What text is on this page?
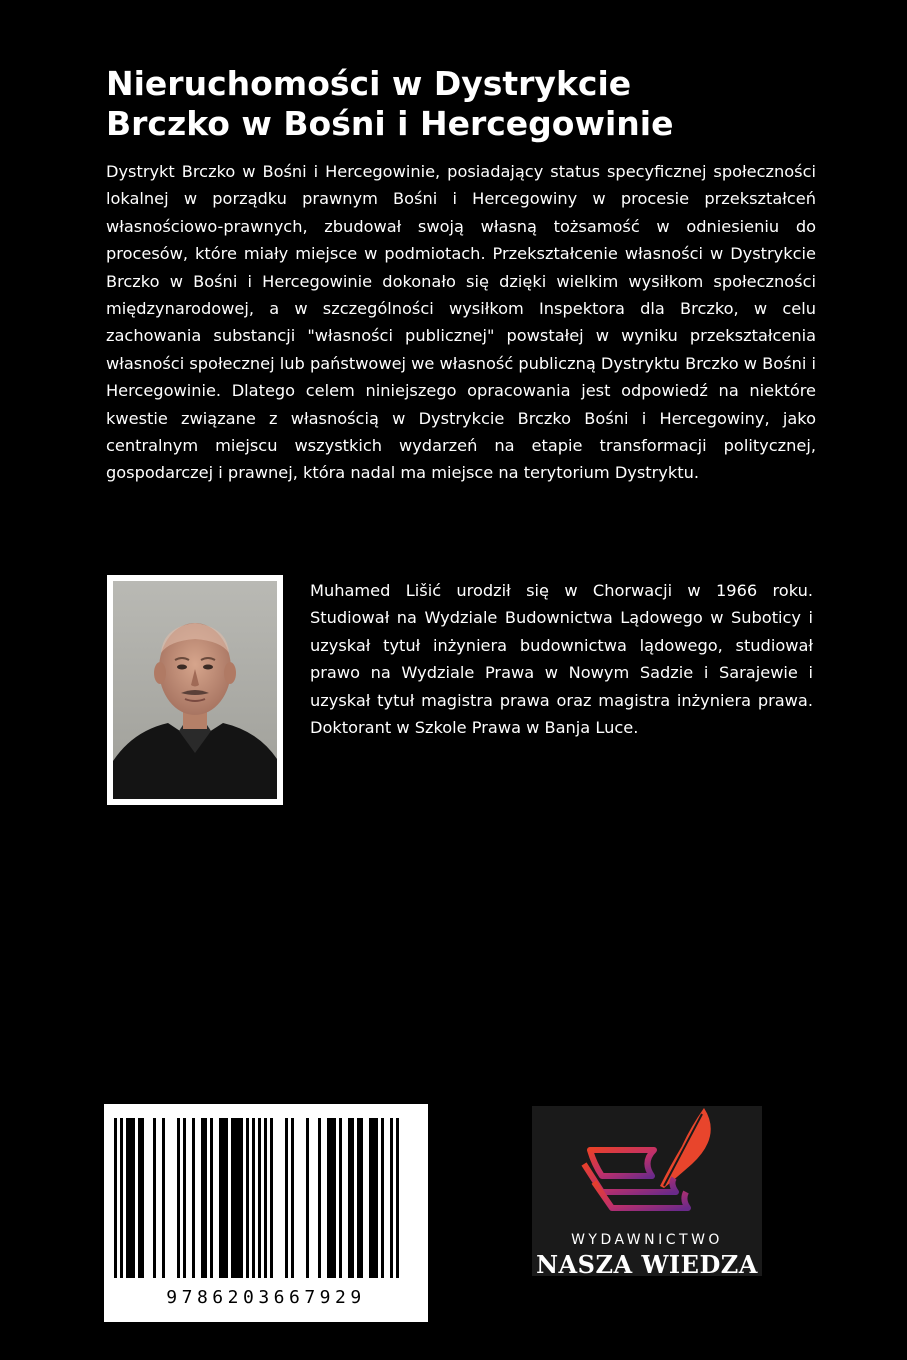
Nieruchomości w Dystrykcie
Brczko w Bośni i Hercegowinie

Dystrykt Brczko w Bośni i Hercegowinie, posiadający status specyficznej społeczności lokalnej w porządku prawnym Bośni i Hercegowiny w procesie przekształceń własnościowo-prawnych, zbudował swoją własną tożsamość w odniesieniu do procesów, które miały miejsce w podmiotach. Przekształcenie własności w Dystrykcie Brczko w Bośni i Hercegowinie dokonało się dzięki wielkim wysiłkom społeczności międzynarodowej, a w szczególności wysiłkom Inspektora dla Brczko, w celu zachowania substancji "własności publicznej" powstałej w wyniku przekształcenia własności społecznej lub państwowej we własność publiczną Dystryktu Brczko w Bośni i Hercegowinie. Dlatego celem niniejszego opracowania jest odpowiedź na niektóre kwestie związane z własnością w Dystrykcie Brczko Bośni i Hercegowiny, jako centralnym miejscu wszystkich wydarzeń na etapie transformacji politycznej, gospodarczej i prawnej, która nadal ma miejsce na terytorium Dystryktu.

Muhamed Lišić urodził się w Chorwacji w 1966 roku. Studiował na Wydziale Budownictwa Lądowego w Suboticy i uzyskał tytuł inżyniera budownictwa lądowego, studiował prawo na Wydziale Prawa w Nowym Sadzie i Sarajewie i uzyskał tytuł magistra prawa oraz magistra inżyniera prawa. Doktorant w Szkole Prawa w Banja Luce.

9786203667929
WYDAWNICTWO
NASZA WIEDZA
